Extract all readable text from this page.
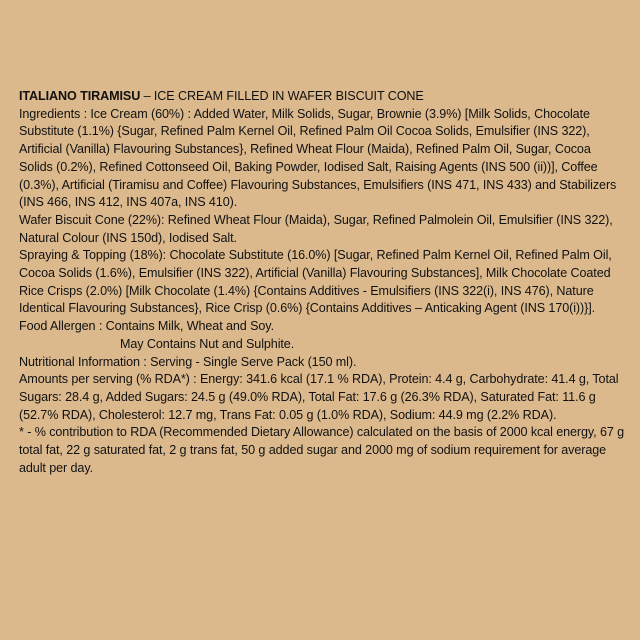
ITALIANO TIRAMISU – ICE CREAM FILLED IN WAFER BISCUIT CONE

Ingredients : Ice Cream (60%) : Added Water, Milk Solids, Sugar, Brownie (3.9%) [Milk Solids, Chocolate Substitute (1.1%) {Sugar, Refined Palm Kernel Oil, Refined Palm Oil Cocoa Solids, Emulsifier (INS 322), Artificial (Vanilla) Flavouring Substances}, Refined Wheat Flour (Maida), Refined Palm Oil, Sugar, Cocoa Solids (0.2%), Refined Cottonseed Oil, Baking Powder, Iodised Salt, Raising Agents (INS 500 (ii))], Coffee (0.3%), Artificial (Tiramisu and Coffee) Flavouring Substances, Emulsifiers (INS 471, INS 433) and Stabilizers (INS 466, INS 412, INS 407a, INS 410).

Wafer Biscuit Cone (22%): Refined Wheat Flour (Maida), Sugar, Refined Palmolein Oil, Emulsifier (INS 322), Natural Colour (INS 150d), Iodised Salt.

Spraying & Topping (18%): Chocolate Substitute (16.0%) [Sugar, Refined Palm Kernel Oil, Refined Palm Oil, Cocoa Solids (1.6%), Emulsifier (INS 322), Artificial (Vanilla) Flavouring Substances], Milk Chocolate Coated Rice Crisps (2.0%) [Milk Chocolate (1.4%) {Contains Additives - Emulsifiers (INS 322(i), INS 476), Nature Identical Flavouring Substances}, Rice Crisp (0.6%) {Contains Additives – Anticaking Agent (INS 170(i))}].

Food Allergen : Contains Milk, Wheat and Soy.

May Contains Nut and Sulphite.

Nutritional Information : Serving - Single Serve Pack (150 ml).

Amounts per serving (% RDA*) : Energy: 341.6 kcal (17.1 % RDA), Protein: 4.4 g, Carbohydrate: 41.4 g, Total Sugars: 28.4 g, Added Sugars: 24.5 g (49.0% RDA), Total Fat: 17.6 g (26.3% RDA), Saturated Fat: 11.6 g (52.7% RDA), Cholesterol: 12.7 mg, Trans Fat: 0.05 g (1.0% RDA), Sodium: 44.9 mg (2.2% RDA).

* - % contribution to RDA (Recommended Dietary Allowance) calculated on the basis of 2000 kcal energy, 67 g total fat, 22 g saturated fat, 2 g trans fat, 50 g added sugar and 2000 mg of sodium requirement for average adult per day.
